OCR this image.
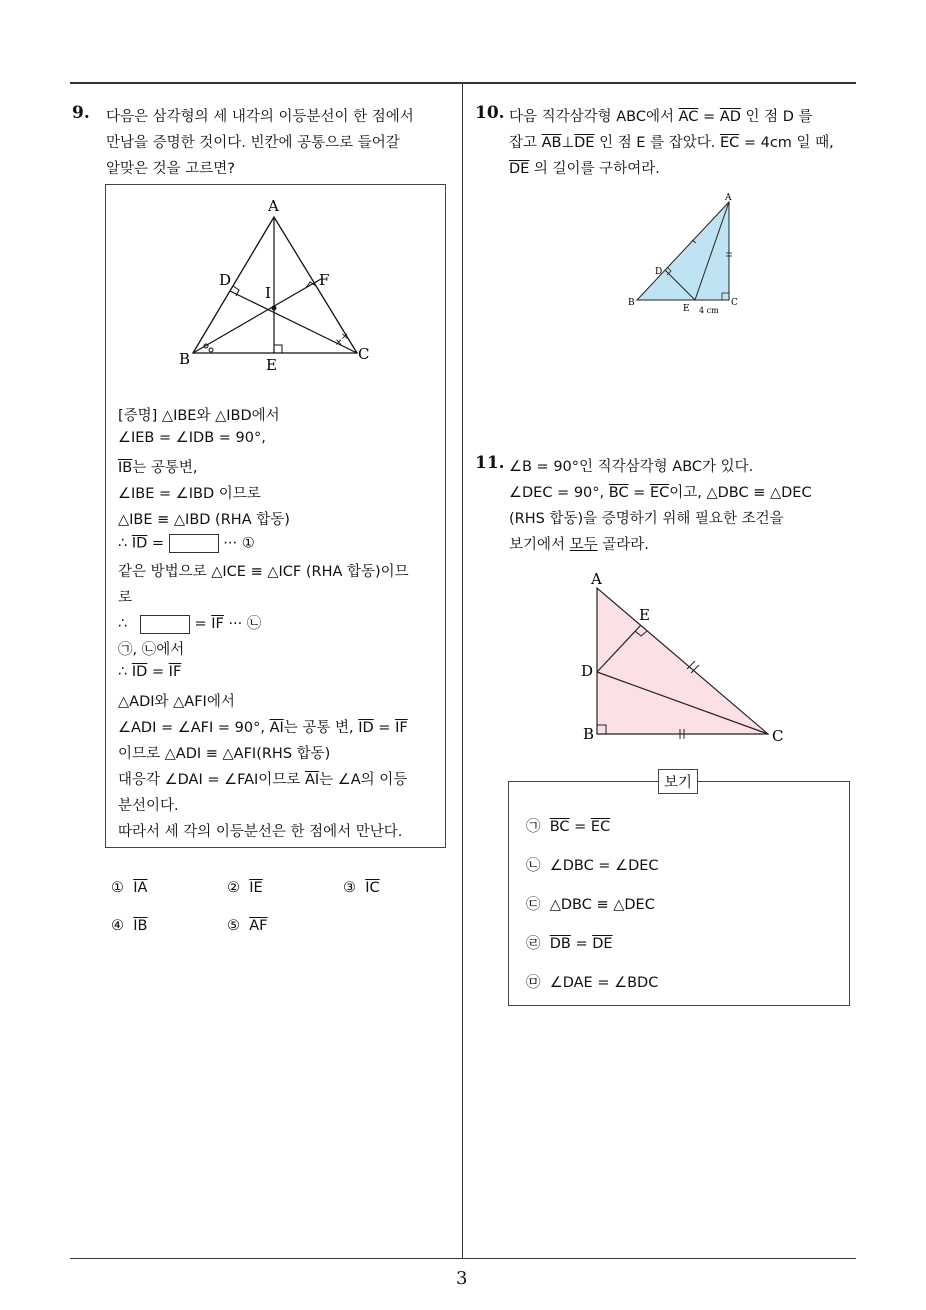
9. 다음은 삼각형의 세 내각의 이등분선이 한 점에서
만남을 증명한 것이다. 빈칸에 공통으로 들어갈
알맞은 것을 고르면?
×
×
A
B	C
D
E
F
I
[증명] △IBE와 △IBD에서
∠IEB = ∠IDB = 90°,
$\overline{IB}$는 공통변,
∠IBE = ∠IBD 이므로
△IBE ≡ △IBD (RHA 합동)
∴ $\overline{ID}$ =	··· ①
같은 방법으로 △ICE ≡ △ICF (RHA 합동)이므
로
∴	= $\overline{IF}$ ··· ㉡
㉠, ㉡에서
∴ $\overline{ID} = \overline{IF}$
△ADI와 △AFI에서
∠ADI = ∠AFI = 90°, $\overline{AI}$는 공통 변, $\overline{ID} = \overline{IF}$
이므로 △ADI ≡ △AFI(RHS 합동)
대응각 ∠DAI = ∠FAI이므로 $\overline{AI}$는 ∠A의 이등
분선이다.
따라서 세 각의 이등분선은 한 점에서 만난다.
① $\overline{IA}$	② $\overline{IE}$	③ $\overline{IC}$
④ $\overline{IB}$	⑤ $\overline{AF}$
10. 다음 직각삼각형 ABC에서 $\overline{AC} = \overline{AD}$ 인 점 D 를
잡고 $\overline{AB}\perp\overline{DE}$ 인 점 E 를 잡았다. $\overline{EC} = 4cm$ 일 때,
$\overline{DE}$ 의 길이를 구하여라.
A
B	C
D
E 4 cm
11. ∠B = 90°인 직각삼각형 ABC가 있다.
∠DEC = 90°, $\overline{BC} = \overline{EC}$이고, △DBC ≡ △DEC
(RHS 합동)을 증명하기 위해 필요한 조건을
보기에서 모두 골라라.
A
B	C
D
E
보기
㉠ $\overline{BC} = \overline{EC}$
㉡ ∠DBC = ∠DEC
㉢ △DBC ≡ △DEC
㉣ $\overline{DB} = \overline{DE}$
㉤ ∠DAE = ∠BDC
3
